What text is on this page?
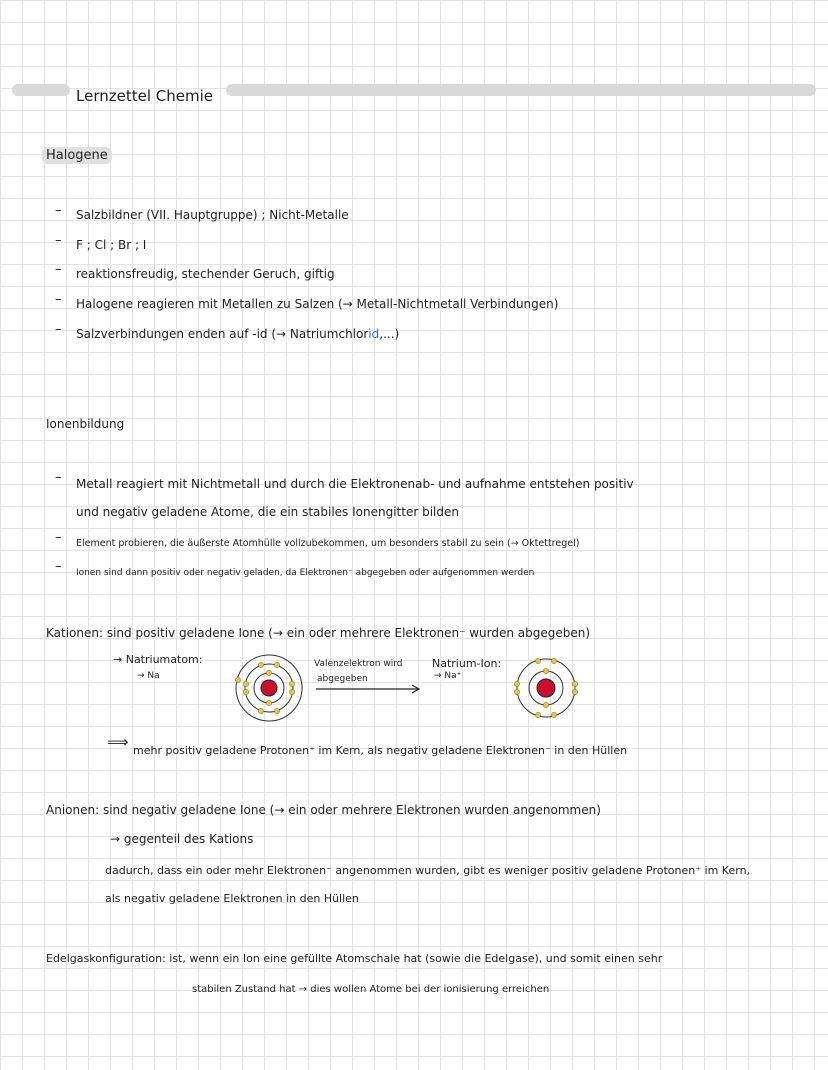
Lernzettel Chemie
Halogene
– Salzbildner (VII. Hauptgruppe) ; Nicht-Metalle
– F ; Cl ; Br ; I
– reaktionsfreudig, stechender Geruch, giftig
– Halogene reagieren mit Metallen zu Salzen (→ Metall-Nichtmetall Verbindungen)
– Salzverbindungen enden auf -id (→ Natriumchlorid,...)
Ionenbildung
– Metall reagiert mit Nichtmetall und durch die Elektronenab- und aufnahme entstehen positiv
und negativ geladene Atome, die ein stabiles Ionengitter bilden
– Element probieren, die äußerste Atomhülle vollzubekommen, um besonders stabil zu sein (→ Oktettregel)
– Ionen sind dann positiv oder negativ geladen, da Elektronen⁻ abgegeben oder aufgenommen werden
Kationen: sind positiv geladene Ione (→ ein oder mehrere Elektronen⁻ wurden abgegeben)
→ Natriumatom:
→ Na
Valenzelektron wird
abgegeben
Natrium-Ion:
→ Na⁺
⟹ mehr positiv geladene Protonen⁺ im Kern, als negativ geladene Elektronen⁻ in den Hüllen
Anionen: sind negativ geladene Ione (→ ein oder mehrere Elektronen wurden angenommen)
→ gegenteil des Kations
dadurch, dass ein oder mehr Elektronen⁻ angenommen wurden, gibt es weniger positiv geladene Protonen⁺ im Kern,
als negativ geladene Elektronen in den Hüllen
Edelgaskonfiguration: ist, wenn ein Ion eine gefüllte Atomschale hat (sowie die Edelgase), und somit einen sehr
stabilen Zustand hat → dies wollen Atome bei der ionisierung erreichen
